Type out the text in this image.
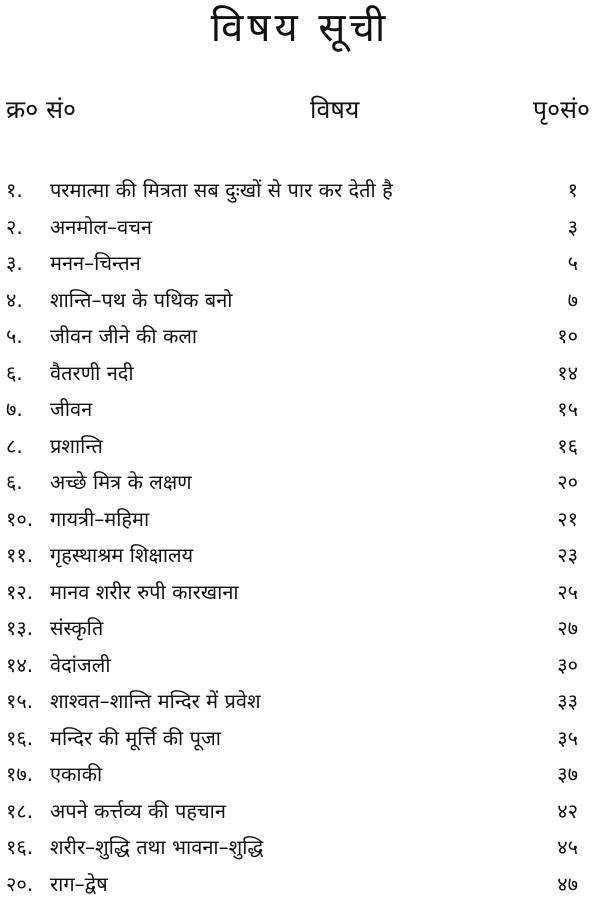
विषय सूची
क्र० सं०	विषय	पृ०सं०
१.	परमात्मा की मित्रता सब दुःखों से पार कर देती है	१
२.	अनमोल–वचन	३
३.	मनन–चिन्तन	५
४.	शान्ति–पथ के पथिक बनो	७
५.	जीवन जीने की कला	१०
६.	वैतरणी नदी	१४
७.	जीवन	१५
८.	प्रशान्ति	१६
६.	अच्छे मित्र के लक्षण	२०
१०. गायत्री–महिमा	२१
११. गृहस्थाश्रम शिक्षालय	२३
१२. मानव शरीर रुपी कारखाना	२५
१३. संस्कृति	२७
१४. वेदांजली	३०
१५. शाश्वत–शान्ति मन्दिर में प्रवेश	३३
१६. मन्दिर की मूर्त्ति की पूजा	३५
१७. एकाकी	३७
१८. अपने कर्त्तव्य की पहचान	४२
१६. शरीर–शुद्धि तथा भावना–शुद्धि	४५
२०. राग–द्वेष	४७
